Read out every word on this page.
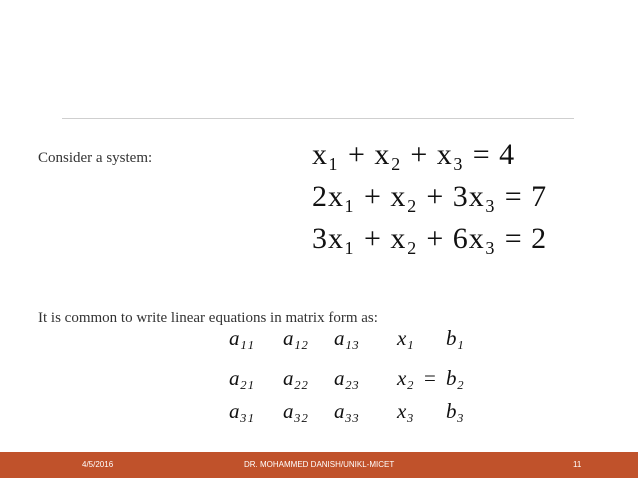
Consider a system:	x₁ + x₂ + x₃ = 4
2x₁ + x₂ + 3x₃ = 7
3x₁ + x₂ + 6x₃ = 2
It is common to write linear equations in matrix form as:
a₁₁ a₁₂ a₁₃ x₁ b₁
a₂₁ a₂₂ a₂₃ x₂ = b₂
a₃₁ a₃₂ a₃₃ x₃ b₃
4/5/2016	DR. MOHAMMED DANISH/UNIKL-MICET	11
